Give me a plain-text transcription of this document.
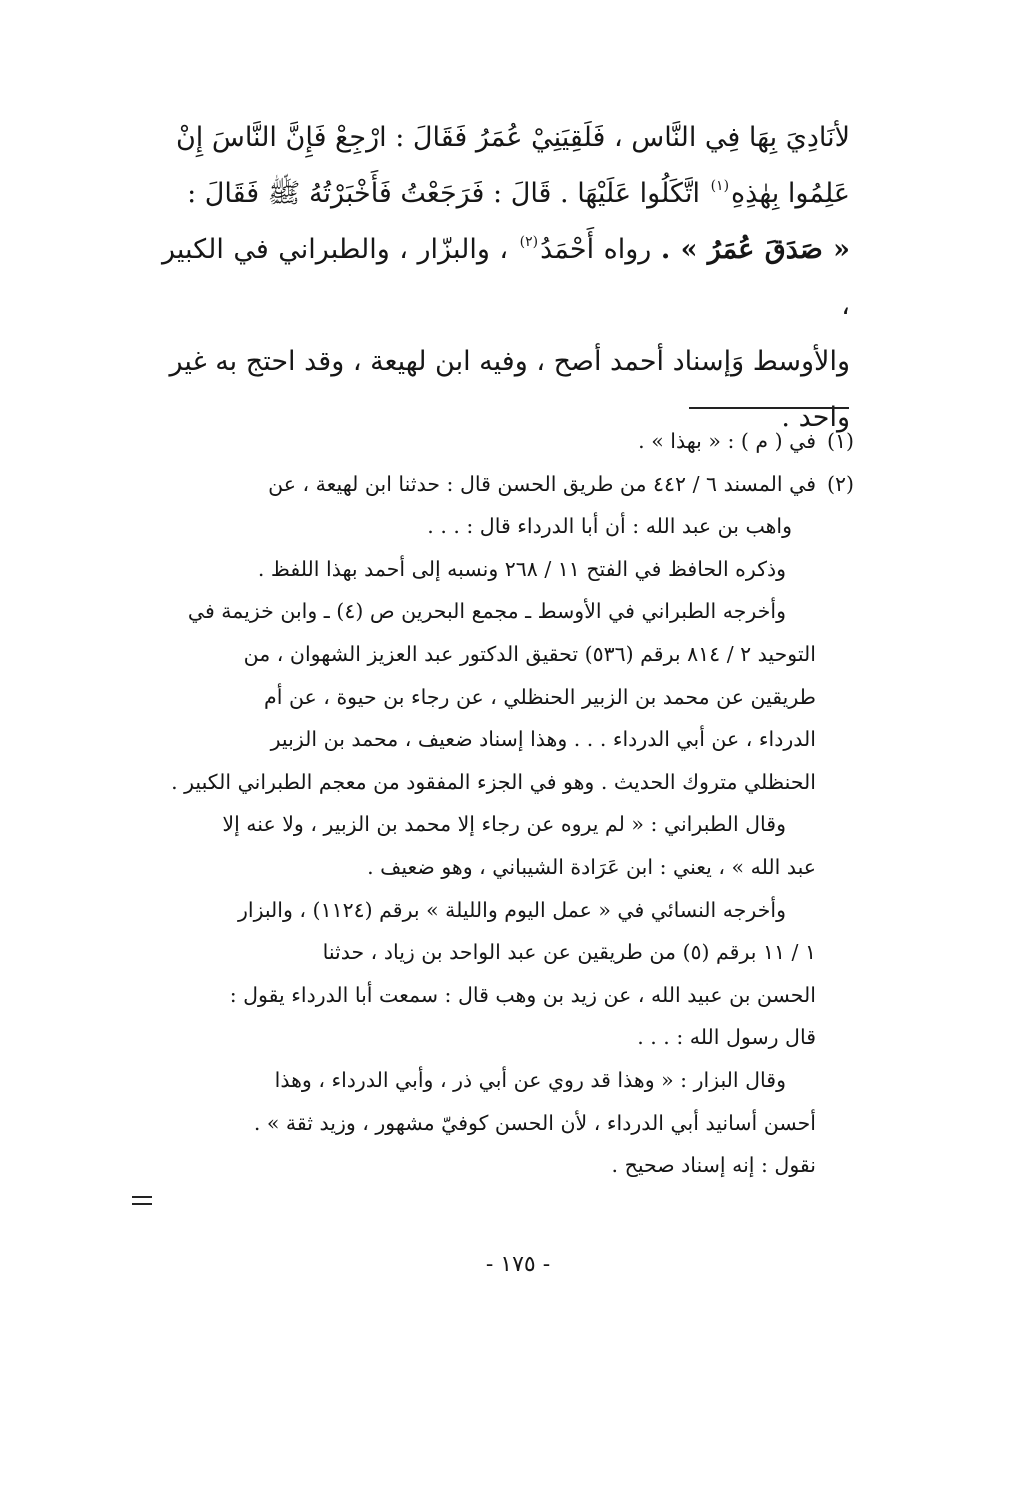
لأنَادِيَ بِهَا فِي النَّاس ، فَلَقِيَنِيْ عُمَرُ فَقَالَ : ارْجِعْ فَإِنَّ النَّاسَ إِنْ

عَلِمُوا بِهٰذِهِ$^{(١)}$ اتَّكَلُوا عَلَيْهَا . قَالَ : فَرَجَعْتُ فَأَخْبَرْتُهُ ﷺ فَقَالَ :

« صَدَقَ عُمَرُ » . رواه أَحْمَدُ$^{(٢)}$ ، والبزّار ، والطبراني في الكبير ،

والأوسط وَإسناد أحمد أصح ، وفيه ابن لهيعة ، وقد احتج به غير

واحد .

(١)

في ( م ) : « بهذا » .

(٢)

في المسند ٦ / ٤٤٢ من طريق الحسن قال : حدثنا ابن لهيعة ، عن

واهب بن عبد الله : أن أبا الدرداء قال : . . .

وذكره الحافظ في الفتح ١١ / ٢٦٨ ونسبه إلى أحمد بهذا اللفظ .

وأخرجه الطبراني في الأوسط ـ مجمع البحرين ص (٤) ـ وابن خزيمة في

التوحيد ٢ / ٨١٤ برقم (٥٣٦) تحقيق الدكتور عبد العزيز الشهوان ، من

طريقين عن محمد بن الزبير الحنظلي ، عن رجاء بن حيوة ، عن أم

الدرداء ، عن أبي الدرداء . . . وهذا إسناد ضعيف ، محمد بن الزبير

الحنظلي متروك الحديث . وهو في الجزء المفقود من معجم الطبراني الكبير .

وقال الطبراني : « لم يروه عن رجاء إلا محمد بن الزبير ، ولا عنه إلا

عبد الله » ، يعني : ابن عَرَادة الشيباني ، وهو ضعيف .

وأخرجه النسائي في « عمل اليوم والليلة » برقم (١١٢٤) ، والبزار

١ / ١١ برقم (٥) من طريقين عن عبد الواحد بن زياد ، حدثنا

الحسن بن عبيد الله ، عن زيد بن وهب قال : سمعت أبا الدرداء يقول :

قال رسول الله : . . .

وقال البزار : « وهذا قد روي عن أبي ذر ، وأبي الدرداء ، وهذا

أحسن أسانيد أبي الدرداء ، لأن الحسن كوفيّ مشهور ، وزيد ثقة » .

نقول : إنه إسناد صحيح .

- ١٧٥ -
